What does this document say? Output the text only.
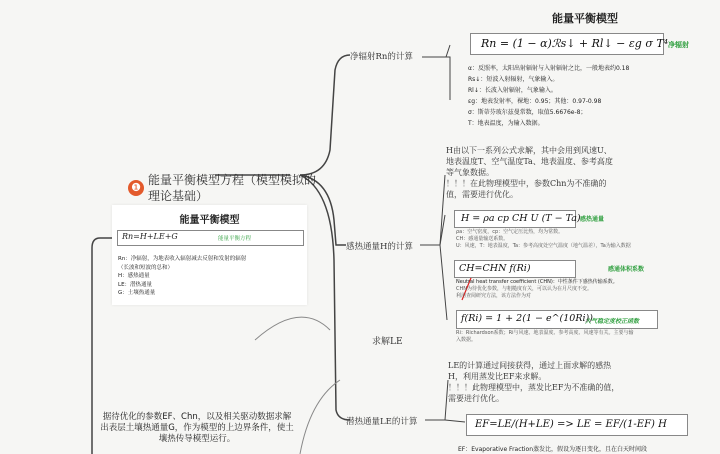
❶
能量平衡模型方程（模型模拟的
理论基础）
能量平衡模型
Rn=H+LE+G	能量平衡方程
Rn：净辐射，为地表收入辐射减去反射和发射的辐射
（长波和短波的总和）
H：感热通量
LE：潜热通量
G：土壤热通量
据待优化的参数EF、Chn，以及相关驱动数据求解
出表层土壤热通量G，作为模型的上边界条件，使土
壤热传导模型运行。
净辐射Rn的计算
感热通量H的计算
潜热通量LE的计算
求解LE
能量平衡模型
Rn = (1 − α)ℛs↓ + Rl↓ − εg σ T⁴ 净辐射
α：反照率，太阳出射辐射与入射辐射之比，一般地表约0.18
Rs↓：短波入射辐射，气象输入。
Rl↓：长波入射辐射，气象输入。
εg：地表发射率，裸地：0.95；其他：0.97-0.98
σ：斯蒂芬玻尔兹曼常数，取值5.6676e-8；
T：地表温度，为输入数据。
H由以下一系列公式求解，其中会用到风速U、
地表温度T、空气温度Ta、地表温度、参考高度
等气象数据。
！！！在此物理模型中，参数Chn为不准确的
值，需要进行优化。
H = ρa cp CH U (T − Ta) 感热通量
ρa：空气密度，cp：空气定压比热，均为常数。
CH：感通量输送系数。
U：风速，T：地表温度，Ta：参考高度处空气温度（地气温差），Ta为输入数据
CH=CHN f(Ri)	感通体积系数
Neutral heat transfer coefficient (CHN)：中性条件下感热传输系数。
CHN为待优化参数，与粗糙度有关，可以认为在月尺度不变。
利用查阅研究方法，该方法作为对
f(Ri) = 1 + 2(1 − e^(10Ri))
大气稳定度校正函数
Ri：Richardson系数；Ri与风速、地表温度、参考高度、风速等有关。主要与输
入数据。
LE的计算通过间接获得，通过上面求解的感热
H，利用蒸发比EF来求解。
！！！此物理模型中，蒸发比EF为不准确的值，
需要进行优化。
EF=LE/(H+LE) => LE = EF/(1-EF) H
EF：Evaporative Fraction蒸发比，假设为逐日变化，且在白天时间段
